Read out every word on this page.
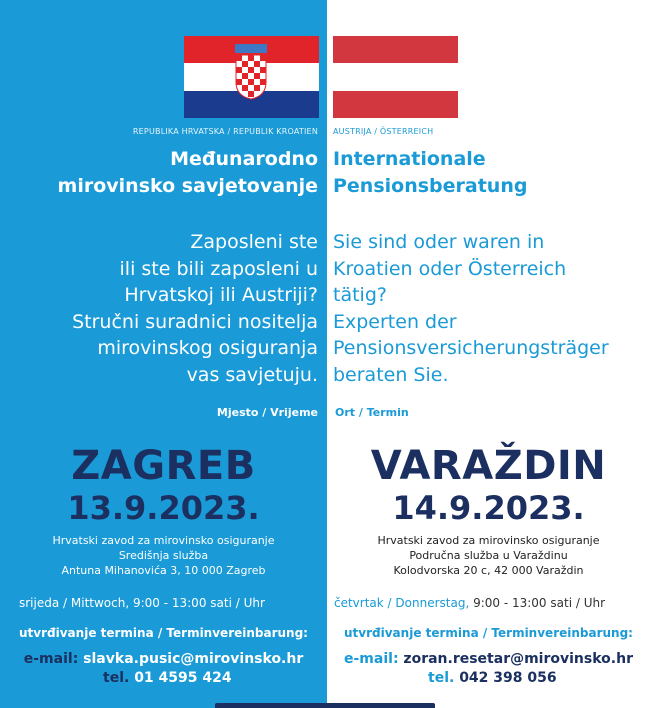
REPUBLIKA HRVATSKA / REPUBLIK KROATIEN
Međunarodno
mirovinsko savjetovanje
Zaposleni ste
ili ste bili zaposleni u
Hrvatskoj ili Austriji?
Stručni suradnici nositelja
mirovinskog osiguranja
vas savjetuju.
Mjesto / Vrijeme
ZAGREB
13.9.2023.
Hrvatski zavod za mirovinsko osiguranje
Središnja služba
Antuna Mihanovića 3, 10 000 Zagreb
srijeda / Mittwoch, 9:00 - 13:00 sati / Uhr
utvrđivanje termina / Terminvereinbarung:
e-mail: slavka.pusic@mirovinsko.hr
tel. 01 4595 424
AUSTRIJA / ÖSTERREICH
Internationale
Pensionsberatung
Sie sind oder waren in
Kroatien oder Österreich
tätig?
Experten der
Pensionsversicherungsträger
beraten Sie.
Ort / Termin
VARAŽDIN
14.9.2023.
Hrvatski zavod za mirovinsko osiguranje
Područna služba u Varaždinu
Kolodvorska 20 c, 42 000 Varaždin
četvrtak / Donnerstag, 9:00 - 13:00 sati / Uhr
utvrđivanje termina / Terminvereinbarung:
e-mail: zoran.resetar@mirovinsko.hr
tel. 042 398 056
